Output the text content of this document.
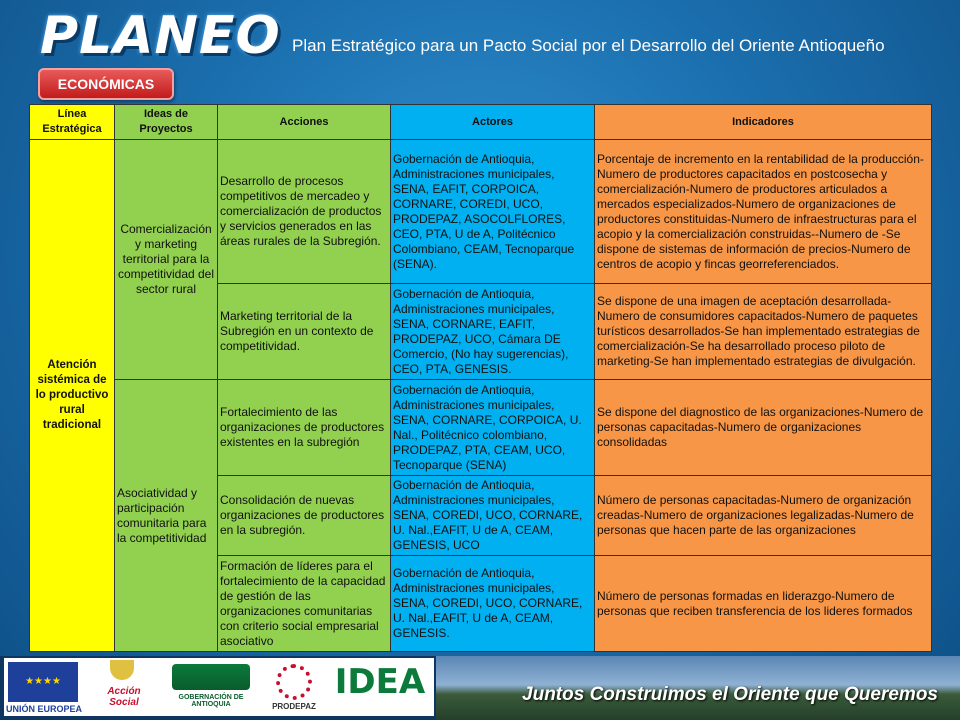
PLANEO Plan Estratégico para un Pacto Social por el Desarrollo del Oriente Antioqueño
ECONÓMICAS
Línea Estratégica	Ideas de Proyectos	Acciones	Actores	Indicadores
Atención sistémica de lo productivo rural tradicional	Comercialización y marketing territorial para la competitividad del sector rural	Desarrollo de procesos competitivos de mercadeo y comercialización de productos y servicios generados en las áreas rurales de la Subregión.	Gobernación de Antioquia, Administraciones municipales, SENA, EAFIT, CORPOICA, CORNARE, COREDI, UCO, PRODEPAZ, ASOCOLFLORES, CEO, PTA, U de A, Politécnico Colombiano, CEAM, Tecnoparque (SENA).	Porcentaje de incremento en la rentabilidad de la producción-Numero de productores capacitados en postcosecha y comercialización-Numero de productores articulados a mercados especializados-Numero de organizaciones de productores constituidas-Numero de infraestructuras para el acopio y la comercialización construidas--Numero de -Se dispone de sistemas de información de precios-Numero de centros de acopio y fincas georreferenciados.
		Marketing territorial de la Subregión en un contexto de competitividad.	Gobernación de Antioquia, Administraciones municipales, SENA, CORNARE, EAFIT, PRODEPAZ, UCO, Cámara DE Comercio, (No hay sugerencias), CEO, PTA, GENESIS.	Se dispone de una imagen de aceptación desarrollada-Numero de consumidores capacitados-Numero de paquetes turísticos desarrollados-Se han implementado estrategias de comercialización-Se ha desarrollado proceso piloto de marketing-Se han implementado estrategias de divulgación.
	Asociatividad y participación comunitaria para la competitividad	Fortalecimiento de las organizaciones de productores existentes en la subregión	Gobernación de Antioquia, Administraciones municipales, SENA, CORNARE, CORPOICA, U. Nal., Politécnico colombiano, PRODEPAZ, PTA, CEAM, UCO, Tecnoparque (SENA)	Se dispone del diagnostico de las organizaciones-Numero de personas capacitadas-Numero de organizaciones consolidadas
		Consolidación de nuevas organizaciones de productores en la subregión.	Gobernación de Antioquia, Administraciones municipales, SENA, COREDI, UCO, CORNARE, U. Nal.,EAFIT, U de A, CEAM, GENESIS, UCO	Número de personas capacitadas-Numero de organización creadas-Numero de organizaciones legalizadas-Numero de personas que hacen parte de las organizaciones
		Formación de líderes para el fortalecimiento de la capacidad de gestión de las organizaciones comunitarias con criterio social empresarial asociativo	Gobernación de Antioquia, Administraciones municipales, SENA, COREDI, UCO, CORNARE, U. Nal.,EAFIT, U de A, CEAM, GENESIS.	Número de personas formadas en liderazgo-Numero de personas que reciben transferencia de los lideres formados
★★★★
UNIÓN EUROPEA
Acción Social	GOBERNACIÓN DE ANTIOQUIA	PRODEPAZ
IDEA	Juntos Construimos el Oriente que Queremos
